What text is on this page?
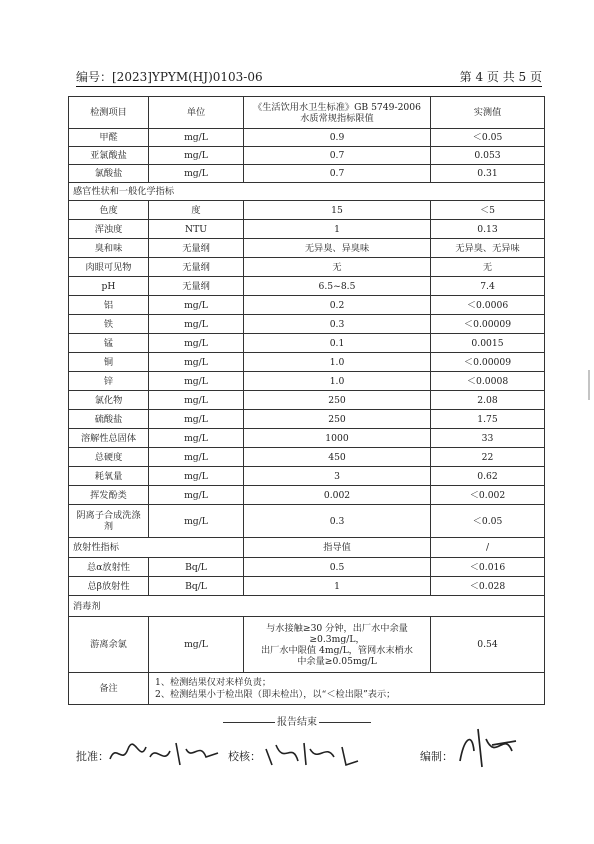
编号：[2023]YPYM(HJ)0103-06	第 4 页 共 5 页
检测项目	单位	《生活饮用水卫生标准》GB 5749-2006 水质常规指标限值	实测值
甲醛	mg/L	0.9	＜0.05
亚氯酸盐	mg/L	0.7	0.053
氯酸盐	mg/L	0.7	0.31
感官性状和一般化学指标			
色度	度	15	＜5
浑浊度	NTU	1	0.13
臭和味	无量纲	无异臭、异臭味	无异臭、无异味
肉眼可见物	无量纲	无	无
pH	无量纲	6.5~8.5	7.4
铝	mg/L	0.2	＜0.0006
铁	mg/L	0.3	＜0.00009
锰	mg/L	0.1	0.0015
铜	mg/L	1.0	＜0.00009
锌	mg/L	1.0	＜0.0008
氯化物	mg/L	250	2.08
硫酸盐	mg/L	250	1.75
溶解性总固体	mg/L	1000	33
总硬度	mg/L	450	22
耗氧量	mg/L	3	0.62
挥发酚类	mg/L	0.002	＜0.002
阴离子合成洗涤剂	mg/L	0.3	＜0.05
放射性指标		指导值	/
总α放射性	Bq/L	0.5	＜0.016
总β放射性	Bq/L	1	＜0.028
消毒剂			
游离余氯	mg/L	与水接触≥30 分钟，出厂水中余量
≥0.3mg/L，
出厂水中限值 4mg/L，管网水末梢水
中余量≥0.05mg/L	0.54
备注	1、检测结果仅对来样负责；
2、检测结果小于检出限（即未检出），以“＜检出限”表示；		
报告结束
批准：	校核：	编制：
